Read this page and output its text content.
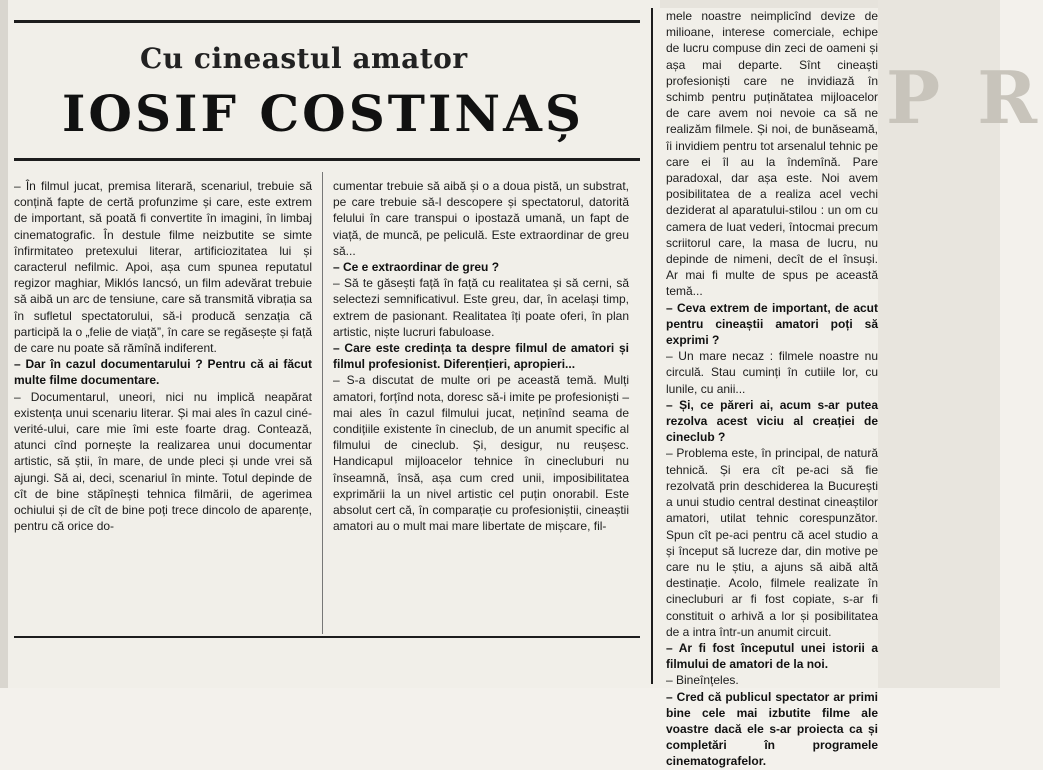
P R
Cu cineastul amator
IOSIF COSTINAȘ

– În filmul jucat, premisa literară, scenariul, trebuie să conțină fapte de certă profunzime și care, este extrem de important, să poată fi convertite în imagini, în limbaj cinematografic. În destule filme neizbutite se simte înfirmitateo pretexului literar, artificiozitatea lui și caracterul nefilmic. Apoi, așa cum spunea reputatul regizor maghiar, Miklós Iancsó, un film adevărat trebuie să aibă un arc de tensiune, care să transmită vibrația sa în sufletul spectatorului, să-i producă senzația că participă la o „felie de viață”, în care se regăsește și față de care nu poate să rămînă indiferent.

– Dar în cazul documentarului ? Pentru că ai făcut multe filme documentare.

– Documentarul, uneori, nici nu implică neapărat existența unui scenariu literar. Și mai ales în cazul ciné-verité-ului, care mie îmi este foarte drag. Contează, atunci cînd pornește la realizarea unui documentar artistic, să știi, în mare, de unde pleci și unde vrei să ajungi. Să ai, deci, scenariul în minte. Totul depinde de cît de bine stăpînești tehnica filmării, de agerimea ochiului și de cît de bine poți trece dincolo de aparențe, pentru că orice do-

cumentar trebuie să aibă și o a doua pistă, un substrat, pe care trebuie să-l descopere și spectatorul, datorită felului în care transpui o ipostază umană, un fapt de viață, de muncă, pe peliculă. Este extraordinar de greu să...

– Ce e extraordinar de greu ?

– Să te găsești față în față cu realitatea și să cerni, să selectezi semnificativul. Este greu, dar, în același timp, extrem de pasionant. Realitatea îți poate oferi, în plan artistic, niște lucruri fabuloase.

– Care este credința ta despre filmul de amatori și filmul profesionist. Diferențieri, apropieri...

– S-a discutat de multe ori pe această temă. Mulți amatori, forțînd nota, doresc să-i imite pe profesioniști – mai ales în cazul filmului jucat, neținînd seama de condițiile existente în cineclub, de un anumit specific al filmului de cineclub. Și, desigur, nu reușesc. Handicapul mijloacelor tehnice în cinecluburi nu înseamnă, însă, așa cum cred unii, imposibilitatea exprimării la un nivel artistic cel puțin onorabil. Este absolut cert că, în comparație cu profesioniștii, cineaștii amatori au o mult mai mare libertate de mișcare, fil-

mele noastre neimplicînd devize de milioane, interese comerciale, echipe de lucru compuse din zeci de oameni și așa mai departe. Sînt cineaști profesioniști care ne invidiază în schimb pentru puținătatea mijloacelor de care avem noi nevoie ca să ne realizăm filmele. Și noi, de bunăseamă, îi invidiem pentru tot arsenalul tehnic pe care ei îl au la îndemînă. Pare paradoxal, dar așa este. Noi avem posibilitatea de a realiza acel vechi deziderat al aparatului-stilou : un om cu camera de luat vederi, întocmai precum scriitorul care, la masa de lucru, nu depinde de nimeni, decît de el însuși. Ar mai fi multe de spus pe această temă...

– Ceva extrem de important, de acut pentru cineaștii amatori poți să exprimi ?

– Un mare necaz : filmele noastre nu circulă. Stau cuminți în cutiile lor, cu lunile, cu anii...

– Și, ce păreri ai, acum s-ar putea rezolva acest viciu al creației de cineclub ?

– Problema este, în principal, de natură tehnică. Și era cît pe-aci să fie rezolvată prin deschiderea la București a unui studio central destinat cineaștilor amatori, utilat tehnic corespunzător. Spun cît pe-aci pentru că acel studio a și început să lucreze dar, din motive pe care nu le știu, a ajuns să aibă altă destinație. Acolo, filmele realizate în cinecluburi ar fi fost copiate, s-ar fi constituit o arhivă a lor și posibilitatea de a intra într-un anumit circuit.

– Ar fi fost începutul unei istorii a filmului de amatori de la noi.

– Bineînțeles.

– Cred că publicul spectator ar primi bine cele mai izbutite filme ale voastre dacă ele s-ar proiecta ca și completări în programele cinematografelor.
